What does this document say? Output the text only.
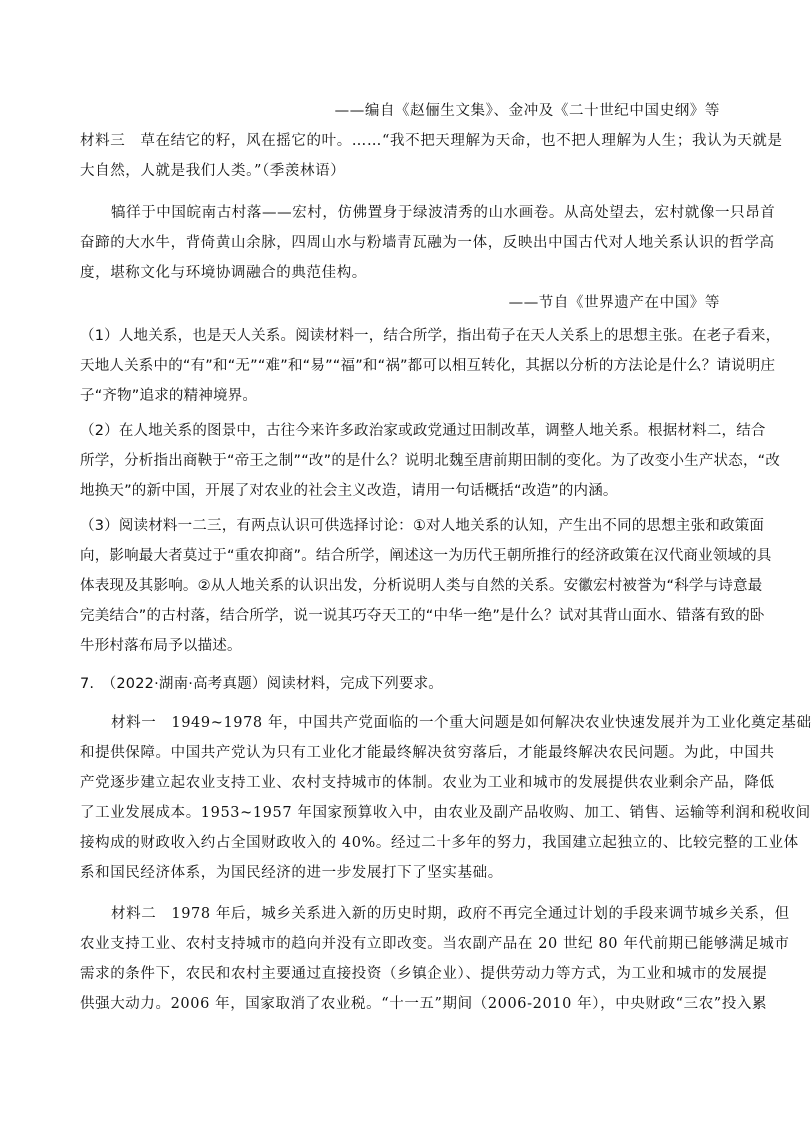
——编自《赵俪生文集》、金冲及《二十世纪中国史纲》等
材料三　草在结它的籽，风在摇它的叶。……“我不把天理解为天命，也不把人理解为人生；我认为天就是
大自然，人就是我们人类。”（季羡林语）
犒徉于中国皖南古村落——宏村，仿佛置身于绿波清秀的山水画卷。从高处望去，宏村就像一只昂首
奋蹄的大水牛，背倚黄山余脉，四周山水与粉墙青瓦融为一体，反映出中国古代对人地关系认识的哲学高
度，堪称文化与环境协调融合的典范佳构。
——节自《世界遗产在中国》等
（1）人地关系，也是天人关系。阅读材料一，结合所学，指出荀子在天人关系上的思想主张。在老子看来，
天地人关系中的“有”和“无”“难”和“易”“福”和“祸”都可以相互转化，其据以分析的方法论是什么？请说明庄
子“齐物”追求的精神境界。
（2）在人地关系的图景中，古往今来许多政治家或政党通过田制改革，调整人地关系。根据材料二，结合
所学，分析指出商鞅于“帝王之制”“改”的是什么？说明北魏至唐前期田制的变化。为了改变小生产状态，“改
地换天”的新中国，开展了对农业的社会主义改造，请用一句话概括“改造”的内涵。
（3）阅读材料一二三，有两点认识可供选择讨论：①对人地关系的认知，产生出不同的思想主张和政策面
向，影响最大者莫过于“重农抑商”。结合所学，阐述这一为历代王朝所推行的经济政策在汉代商业领域的具
体表现及其影响。②从人地关系的认识出发，分析说明人类与自然的关系。安徽宏村被誉为“科学与诗意最
完美结合”的古村落，结合所学，说一说其巧夺天工的“中华一绝”是什么？试对其背山面水、错落有致的卧
牛形村落布局予以描述。
7.　（2022·湖南·高考真题）阅读材料，完成下列要求。
材料一　1949~1978 年，中国共产党面临的一个重大问题是如何解决农业快速发展并为工业化奠定基础
和提供保障。中国共产党认为只有工业化才能最终解决贫穷落后，才能最终解决农民问题。为此，中国共
产党逐步建立起农业支持工业、农村支持城市的体制。农业为工业和城市的发展提供农业剩余产品，降低
了工业发展成本。1953~1957 年国家预算收入中，由农业及副产品收购、加工、销售、运输等利润和税收间
接构成的财政收入约占全国财政收入的 40%。经过二十多年的努力，我国建立起独立的、比较完整的工业体
系和国民经济体系，为国民经济的进一步发展打下了坚实基础。
材料二　1978 年后，城乡关系进入新的历史时期，政府不再完全通过计划的手段来调节城乡关系，但
农业支持工业、农村支持城市的趋向并没有立即改变。当农副产品在 20 世纪 80 年代前期已能够满足城市
需求的条件下，农民和农村主要通过直接投资（乡镇企业）、提供劳动力等方式，为工业和城市的发展提
供强大动力。2006 年，国家取消了农业税。“十一五”期间（2006-2010 年），中央财政“三农”投入累
